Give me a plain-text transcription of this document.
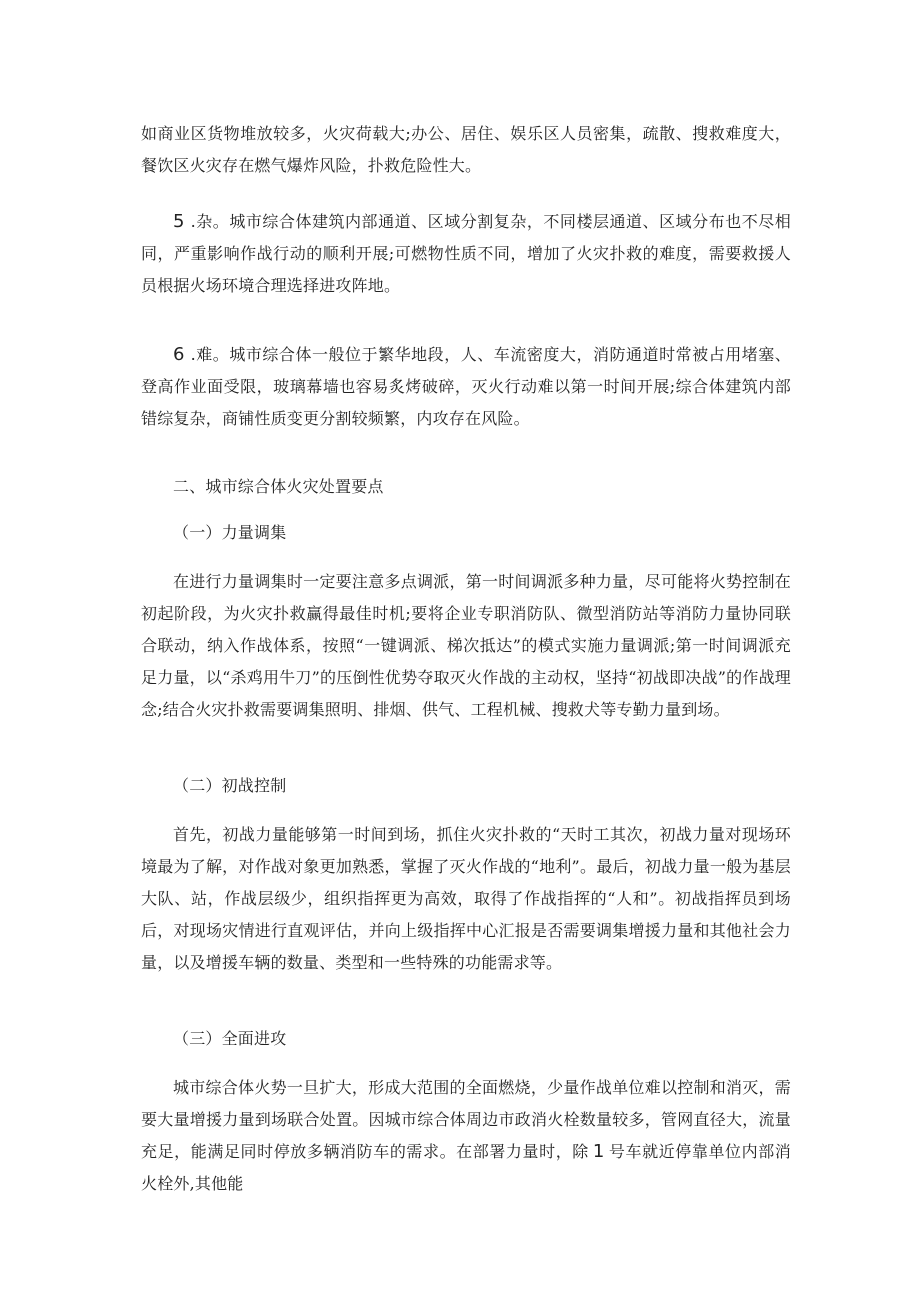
如商业区货物堆放较多，火灾荷载大;办公、居住、娱乐区人员密集，疏散、搜救难度大，餐饮区火灾存在燃气爆炸风险，扑救危险性大。

5 .杂。城市综合体建筑内部通道、区域分割复杂，不同楼层通道、区域分布也不尽相同，严重影响作战行动的顺利开展;可燃物性质不同，增加了火灾扑救的难度，需要救援人员根据火场环境合理选择进攻阵地。

6 .难。城市综合体一般位于繁华地段，人、车流密度大，消防通道时常被占用堵塞、登高作业面受限，玻璃幕墙也容易炙烤破碎，灭火行动难以第一时间开展;综合体建筑内部错综复杂，商铺性质变更分割较频繁，内攻存在风险。

二、城市综合体火灾处置要点
（一）力量调集

在进行力量调集时一定要注意多点调派，第一时间调派多种力量，尽可能将火势控制在初起阶段，为火灾扑救赢得最佳时机;要将企业专职消防队、微型消防站等消防力量协同联合联动，纳入作战体系，按照“一键调派、梯次抵达”的模式实施力量调派;第一时间调派充足力量，以“杀鸡用牛刀”的压倒性优势夺取灭火作战的主动权，坚持“初战即决战”的作战理念;结合火灾扑救需要调集照明、排烟、供气、工程机械、搜救犬等专勤力量到场。

（二）初战控制

首先，初战力量能够第一时间到场，抓住火灾扑救的“天时工其次，初战力量对现场环境最为了解，对作战对象更加熟悉，掌握了灭火作战的“地利”。最后，初战力量一般为基层大队、站，作战层级少，组织指挥更为高效，取得了作战指挥的“人和”。初战指挥员到场后，对现场灾情进行直观评估，并向上级指挥中心汇报是否需要调集增援力量和其他社会力量，以及增援车辆的数量、类型和一些特殊的功能需求等。

（三）全面进攻

城市综合体火势一旦扩大，形成大范围的全面燃烧，少量作战单位难以控制和消灭，需要大量增援力量到场联合处置。因城市综合体周边市政消火栓数量较多，管网直径大，流量充足，能满足同时停放多辆消防车的需求。在部署力量时，除 1 号车就近停靠单位内部消火栓外,其他能
